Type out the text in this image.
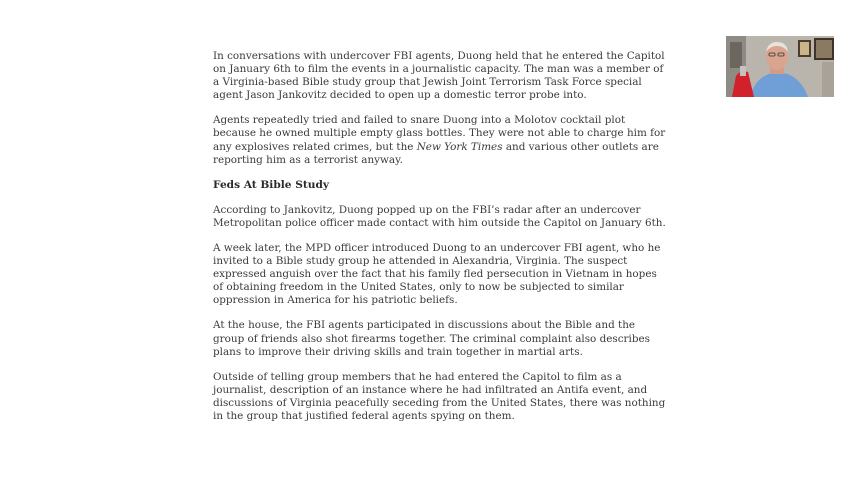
In conversations with undercover FBI agents, Duong held that he entered the Capitol on January 6th to film the events in a journalistic capacity. The man was a member of a Virginia-based Bible study group that Jewish Joint Terrorism Task Force special agent Jason Jankovitz decided to open up a domestic terror probe into.

Agents repeatedly tried and failed to snare Duong into a Molotov cocktail plot because he owned multiple empty glass bottles. They were not able to charge him for any explosives related crimes, but the New York Times and various other outlets are reporting him as a terrorist anyway.

Feds At Bible Study

According to Jankovitz, Duong popped up on the FBI’s radar after an undercover Metropolitan police officer made contact with him outside the Capitol on January 6th.

A week later, the MPD officer introduced Duong to an undercover FBI agent, who he invited to a Bible study group he attended in Alexandria, Virginia. The suspect expressed anguish over the fact that his family fled persecution in Vietnam in hopes of obtaining freedom in the United States, only to now be subjected to similar oppression in America for his patriotic beliefs.

At the house, the FBI agents participated in discussions about the Bible and the group of friends also shot firearms together. The criminal complaint also describes plans to improve their driving skills and train together in martial arts.

Outside of telling group members that he had entered the Capitol to film as a journalist, description of an instance where he had infiltrated an Antifa event, and discussions of Virginia peacefully seceding from the United States, there was nothing in the group that justified federal agents spying on them.
